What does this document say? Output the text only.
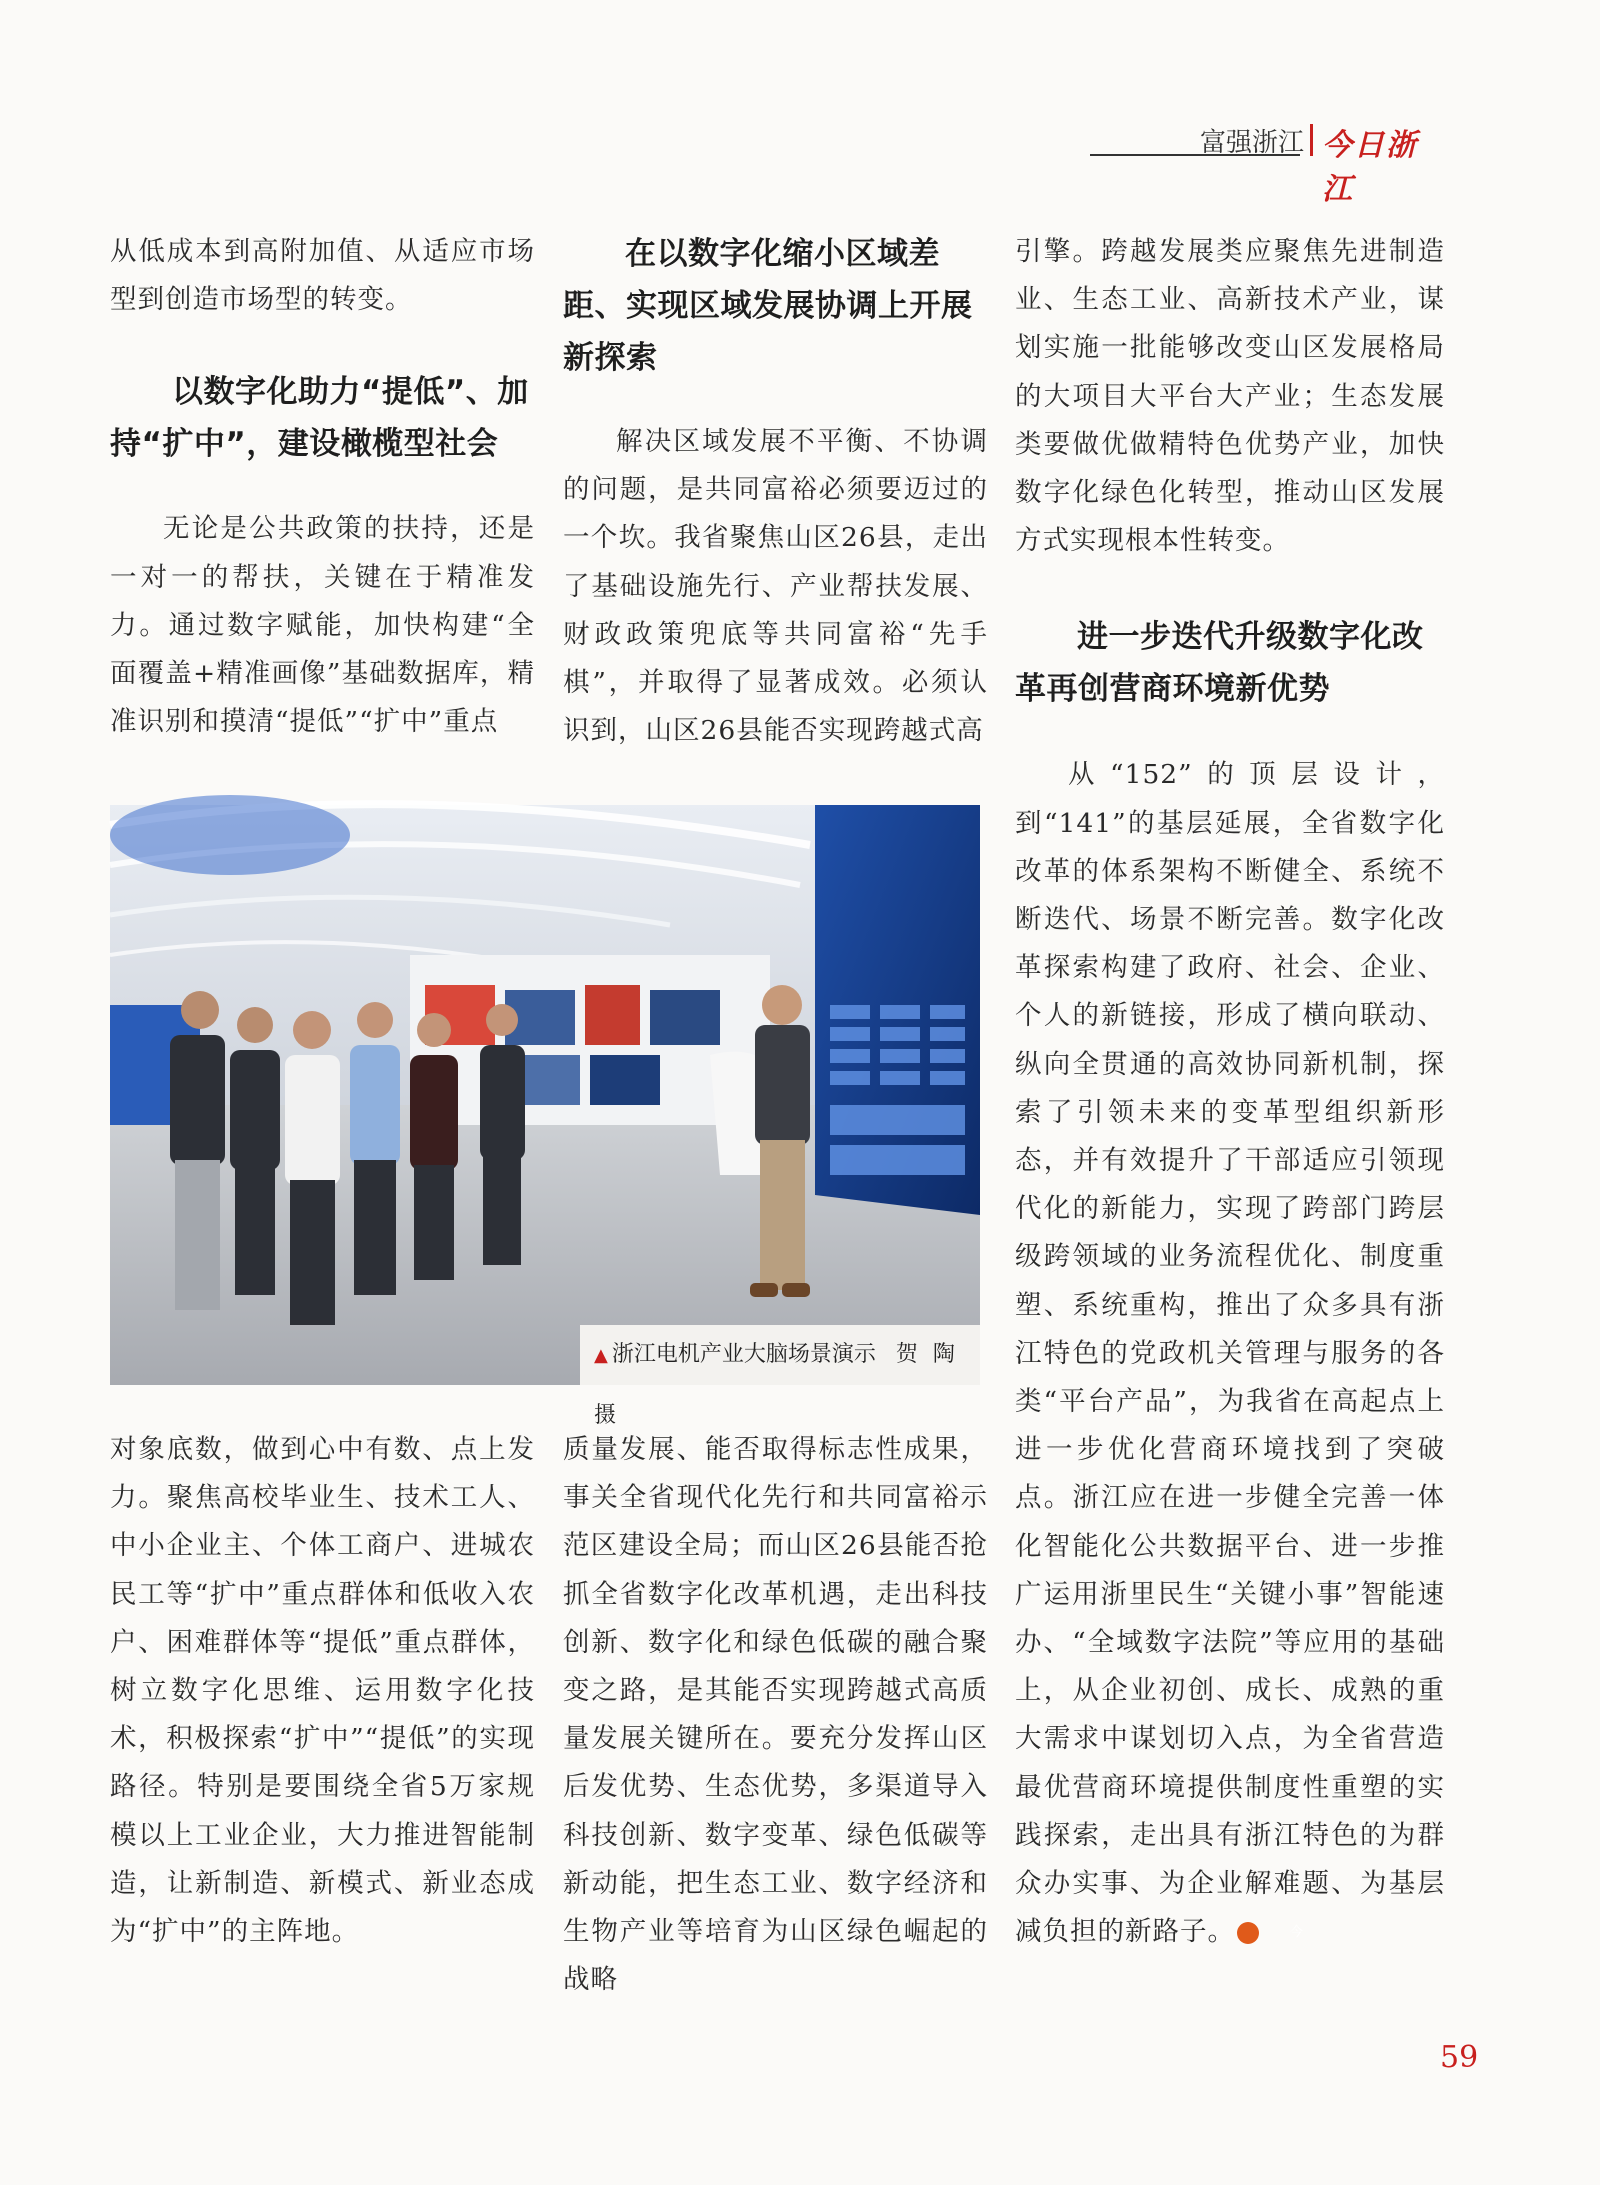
富强浙江 今日浙江

从低成本到高附加值、从适应市场型到创造市场型的转变。

以数字化助力“提低”、加持“扩中”，建设橄榄型社会

无论是公共政策的扶持，还是一对一的帮扶，关键在于精准发力。通过数字赋能，加快构建“全面覆盖+精准画像”基础数据库，精准识别和摸清“提低”“扩中”重点

在以数字化缩小区域差距、实现区域发展协调上开展新探索

解决区域发展不平衡、不协调的问题，是共同富裕必须要迈过的一个坎。我省聚焦山区26县，走出了基础设施先行、产业帮扶发展、财政政策兜底等共同富裕“先手棋”，并取得了显著成效。必须认识到，山区26县能否实现跨越式高

引擎。跨越发展类应聚焦先进制造业、生态工业、高新技术产业，谋划实施一批能够改变山区发展格局的大项目大平台大产业；生态发展类要做优做精特色优势产业，加快数字化绿色化转型，推动山区发展方式实现根本性转变。

进一步迭代升级数字化改革再创营商环境新优势

从“152”的顶层设计，到“141”的基层延展，全省数字化改革的体系架构不断健全、系统不断迭代、场景不断完善。数字化改革探索构建了政府、社会、企业、个人的新链接，形成了横向联动、纵向全贯通的高效协同新机制，探索了引领未来的变革型组织新形态，并有效提升了干部适应引领现代化的新能力，实现了跨部门跨层级跨领域的业务流程优化、制度重塑、系统重构，推出了众多具有浙江特色的党政机关管理与服务的各类“平台产品”，为我省在高起点上进一步优化营商环境找到了突破点。浙江应在进一步健全完善一体化智能化公共数据平台、进一步推广运用浙里民生“关键小事”智能速办、“全域数字法院”等应用的基础上，从企业初创、成长、成熟的重大需求中谋划切入点，为全省营造最优营商环境提供制度性重塑的实践探索，走出具有浙江特色的为群众办实事、为企业解难题、为基层减负担的新路子。	今

▲ 浙江电机产业大脑场景演示 贺 陶 摄

对象底数，做到心中有数、点上发力。聚焦高校毕业生、技术工人、中小企业主、个体工商户、进城农民工等“扩中”重点群体和低收入农户、困难群体等“提低”重点群体，树立数字化思维、运用数字化技术，积极探索“扩中”“提低”的实现路径。特别是要围绕全省5万家规模以上工业企业，大力推进智能制造，让新制造、新模式、新业态成为“扩中”的主阵地。

质量发展、能否取得标志性成果，事关全省现代化先行和共同富裕示范区建设全局；而山区26县能否抢抓全省数字化改革机遇，走出科技创新、数字化和绿色低碳的融合聚变之路，是其能否实现跨越式高质量发展关键所在。要充分发挥山区后发优势、生态优势，多渠道导入科技创新、数字变革、绿色低碳等新动能，把生态工业、数字经济和生物产业等培育为山区绿色崛起的战略

59
